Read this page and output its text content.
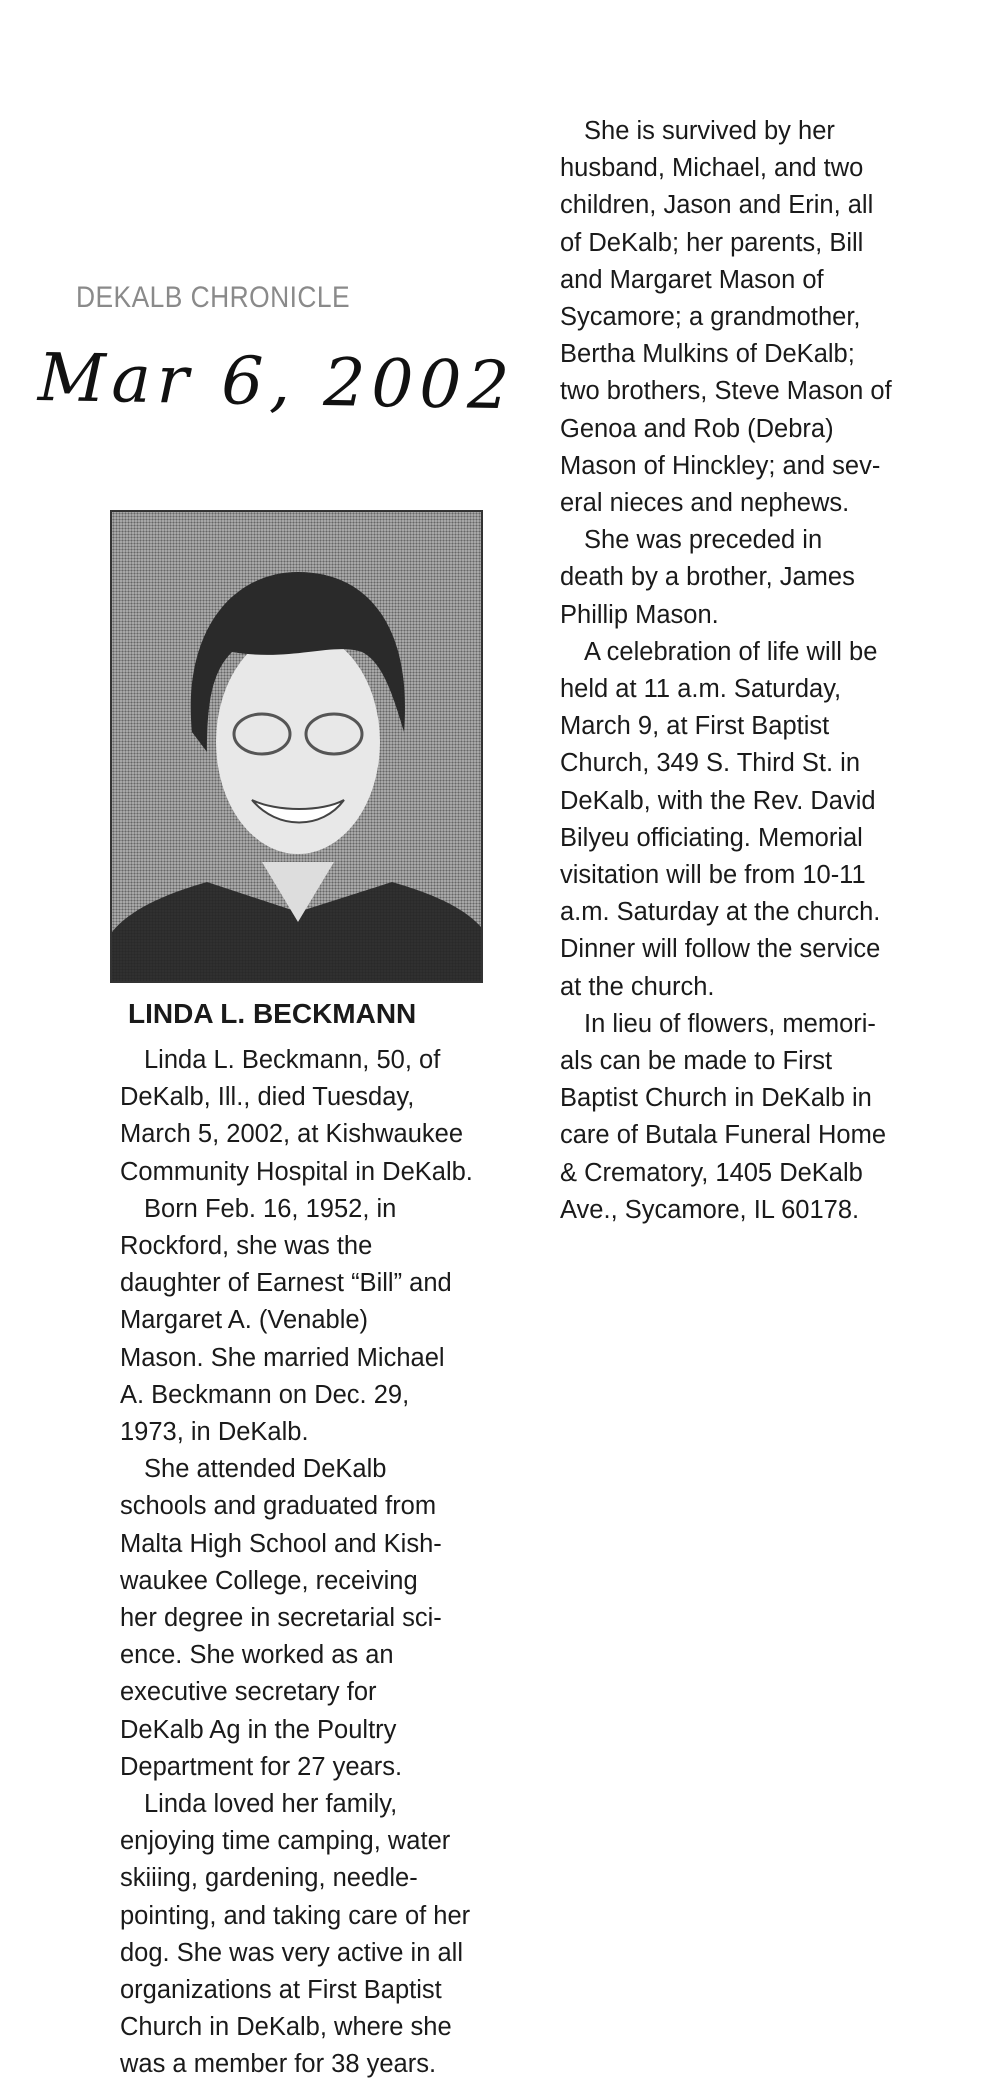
DEKALB CHRONICLE
Mar 6, 2002
LINDA L. BECKMANN
Linda L. Beckmann, 50, of
DeKalb, Ill., died Tuesday,
March 5, 2002, at Kishwaukee
Community Hospital in DeKalb.
Born Feb. 16, 1952, in
Rockford, she was the
daughter of Earnest “Bill” and
Margaret A. (Venable)
Mason. She married Michael
A. Beckmann on Dec. 29,
1973, in DeKalb.
She attended DeKalb
schools and graduated from
Malta High School and Kish-
waukee College, receiving
her degree in secretarial sci-
ence. She worked as an
executive secretary for
DeKalb Ag in the Poultry
Department for 27 years.
Linda loved her family,
enjoying time camping, water
skiiing, gardening, needle-
pointing, and taking care of her
dog. She was very active in all
organizations at First Baptist
Church in DeKalb, where she
was a member for 38 years.
She is survived by her
husband, Michael, and two
children, Jason and Erin, all
of DeKalb; her parents, Bill
and Margaret Mason of
Sycamore; a grandmother,
Bertha Mulkins of DeKalb;
two brothers, Steve Mason of
Genoa and Rob (Debra)
Mason of Hinckley; and sev-
eral nieces and nephews.
She was preceded in
death by a brother, James
Phillip Mason.
A celebration of life will be
held at 11 a.m. Saturday,
March 9, at First Baptist
Church, 349 S. Third St. in
DeKalb, with the Rev. David
Bilyeu officiating. Memorial
visitation will be from 10-11
a.m. Saturday at the church.
Dinner will follow the service
at the church.
In lieu of flowers, memori-
als can be made to First
Baptist Church in DeKalb in
care of Butala Funeral Home
& Crematory, 1405 DeKalb
Ave., Sycamore, IL 60178.
